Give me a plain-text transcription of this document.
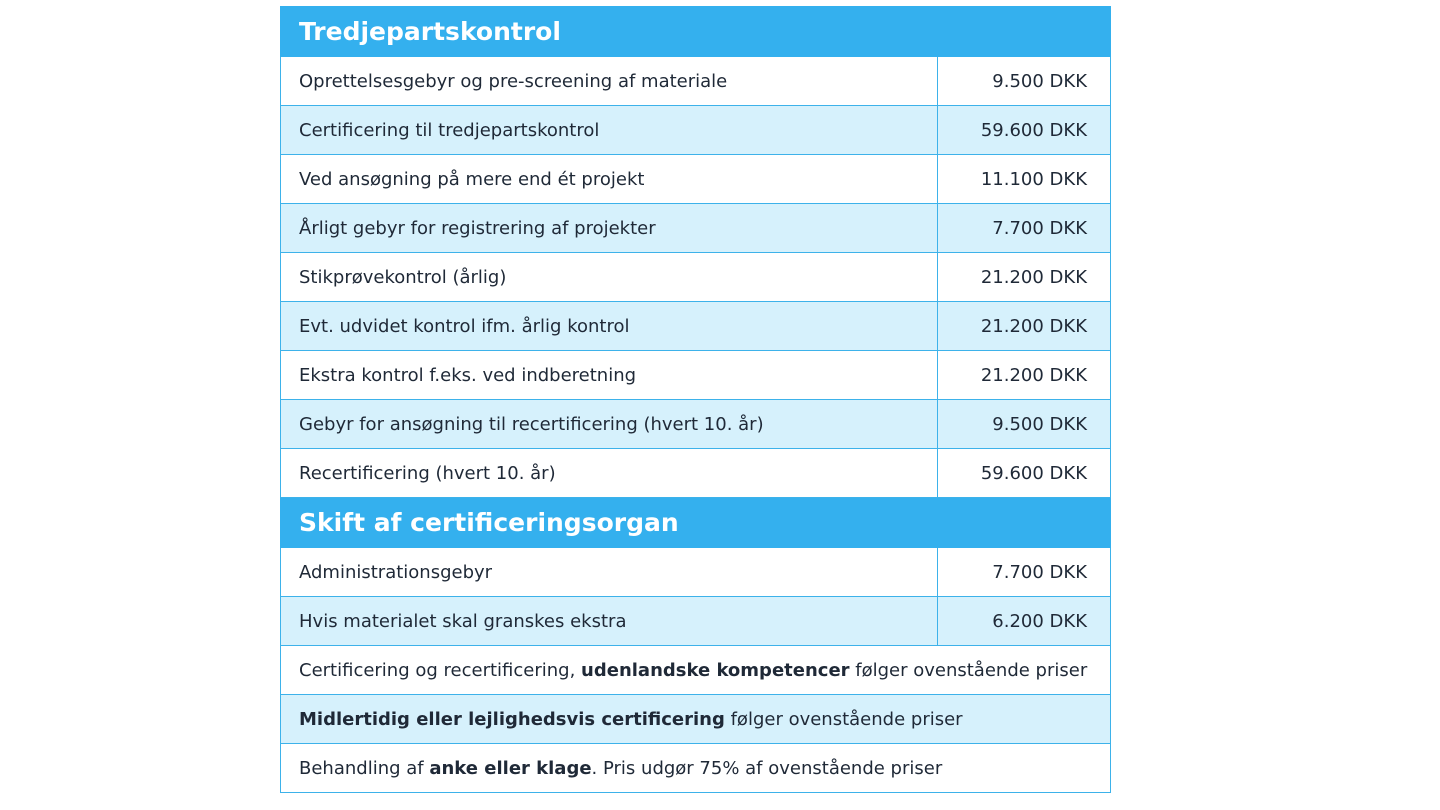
Tredjepartskontrol	
Oprettelsesgebyr og pre-screening af materiale	9.500 DKK
Certificering til tredjepartskontrol	59.600 DKK
Ved ansøgning på mere end ét projekt	11.100 DKK
Årligt gebyr for registrering af projekter	7.700 DKK
Stikprøvekontrol (årlig)	21.200 DKK
Evt. udvidet kontrol ifm. årlig kontrol	21.200 DKK
Ekstra kontrol f.eks. ved indberetning	21.200 DKK
Gebyr for ansøgning til recertificering (hvert 10. år)	9.500 DKK
Recertificering (hvert 10. år)	59.600 DKK
Skift af certificeringsorgan	
Administrationsgebyr	7.700 DKK
Hvis materialet skal granskes ekstra	6.200 DKK
Certificering og recertificering, udenlandske kompetencer følger ovenstående priser	
Midlertidig eller lejlighedsvis certificering følger ovenstående priser	
Behandling af anke eller klage. Pris udgør 75% af ovenstående priser	
